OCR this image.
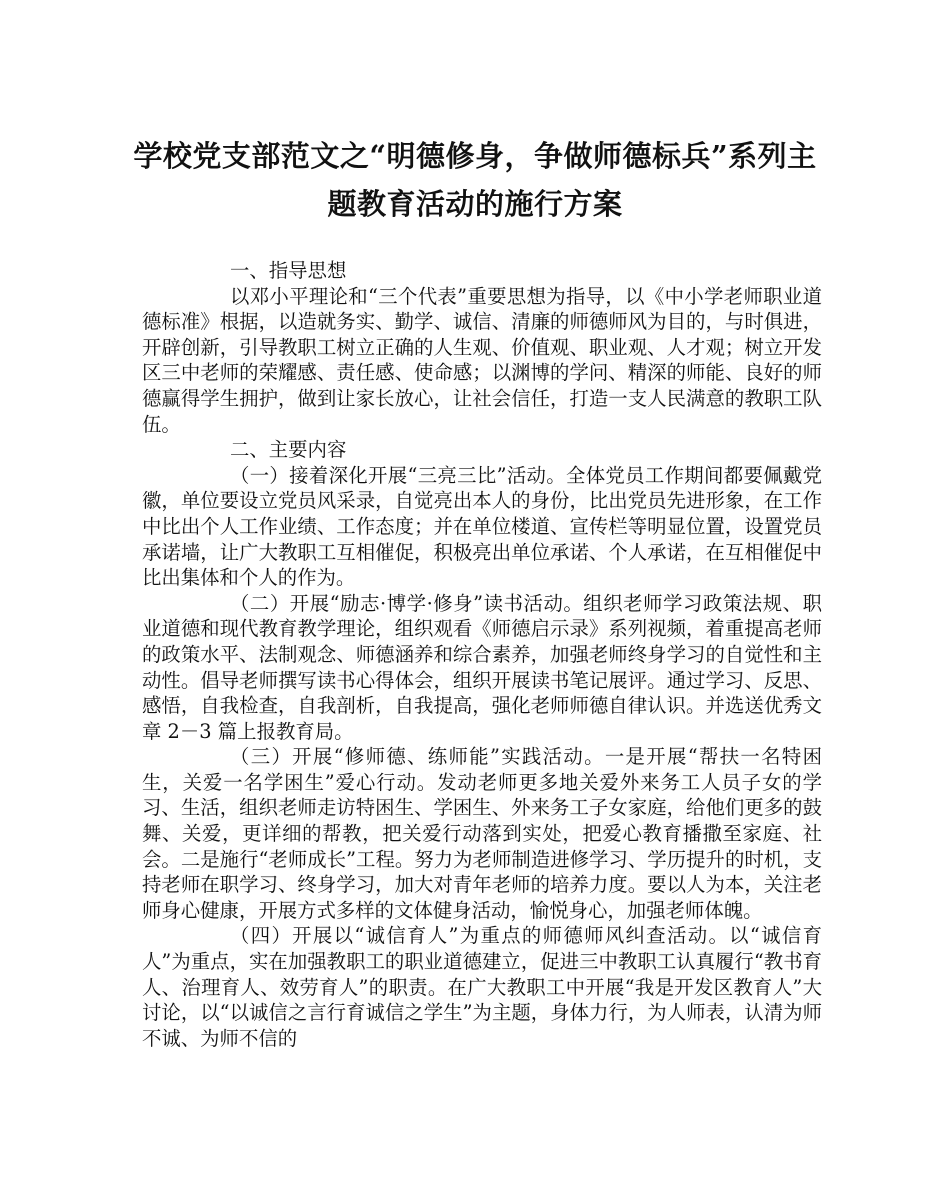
学校党支部范文之“明德修身，争做师德标兵”系列主
题教育活动的施行方案
一、指导思想

以邓小平理论和“三个代表”重要思想为指导，以《中小学老师职业道德标准》根据，以造就务实、勤学、诚信、清廉的师德师风为目的，与时俱进，开辟创新，引导教职工树立正确的人生观、价值观、职业观、人才观；树立开发区三中老师的荣耀感、责任感、使命感；以渊博的学问、精深的师能、良好的师德赢得学生拥护，做到让家长放心，让社会信任，打造一支人民满意的教职工队伍。

二、主要内容

（一）接着深化开展“三亮三比”活动。全体党员工作期间都要佩戴党徽，单位要设立党员风采录，自觉亮出本人的身份，比出党员先进形象，在工作中比出个人工作业绩、工作态度；并在单位楼道、宣传栏等明显位置，设置党员承诺墙，让广大教职工互相催促，积极亮出单位承诺、个人承诺，在互相催促中比出集体和个人的作为。

（二）开展“励志·博学·修身”读书活动。组织老师学习政策法规、职业道德和现代教育教学理论，组织观看《师德启示录》系列视频，着重提高老师的政策水平、法制观念、师德涵养和综合素养，加强老师终身学习的自觉性和主动性。倡导老师撰写读书心得体会，组织开展读书笔记展评。通过学习、反思、感悟，自我检查，自我剖析，自我提高，强化老师师德自律认识。并选送优秀文章 2－3 篇上报教育局。

（三）开展“修师德、练师能”实践活动。一是开展“帮扶一名特困生，关爱一名学困生”爱心行动。发动老师更多地关爱外来务工人员子女的学习、生活，组织老师走访特困生、学困生、外来务工子女家庭，给他们更多的鼓舞、关爱，更详细的帮教，把关爱行动落到实处，把爱心教育播撒至家庭、社会。二是施行“老师成长”工程。努力为老师制造进修学习、学历提升的时机，支持老师在职学习、终身学习，加大对青年老师的培养力度。要以人为本，关注老师身心健康，开展方式多样的文体健身活动，愉悦身心，加强老师体魄。

（四）开展以“诚信育人”为重点的师德师风纠查活动。以“诚信育人”为重点，实在加强教职工的职业道德建立，促进三中教职工认真履行“教书育人、治理育人、效劳育人”的职责。在广大教职工中开展“我是开发区教育人”大讨论，以“以诚信之言行育诚信之学生”为主题，身体力行，为人师表，认清为师不诚、为师不信的
